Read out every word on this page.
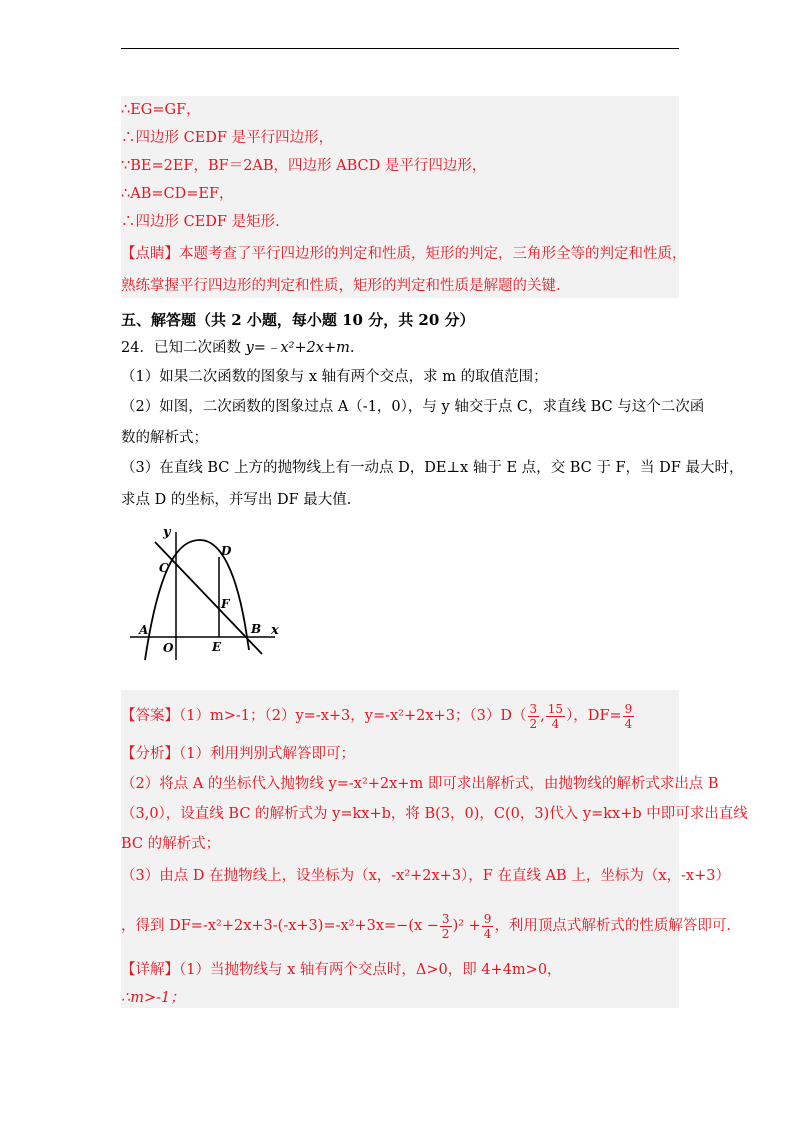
∴EG=GF，
∴四边形 CEDF 是平行四边形，
∵BE=2EF，BF＝2AB，四边形 ABCD 是平行四边形，
∴AB=CD=EF，
∴四边形 CEDF 是矩形.
【点睛】本题考查了平行四边形的判定和性质，矩形的判定，三角形全等的判定和性质，
熟练掌握平行四边形的判定和性质，矩形的判定和性质是解题的关键.
五、解答题（共 2 小题，每小题 10 分，共 20 分）
24．已知二次函数 y=﹣x²+2x+m.
（1）如果二次函数的图象与 x 轴有两个交点，求 m 的取值范围；
（2）如图，二次函数的图象过点 A（-1，0），与 y 轴交于点 C，求直线 BC 与这个二次函
数的解析式；
（3）在直线 BC 上方的抛物线上有一动点 D，DE⊥x 轴于 E 点，交 BC 于 F，当 DF 最大时，
求点 D 的坐标，并写出 DF 最大值.
y
x
C
D
F
A
O	E
B
【答案】（1）m>-1；（2）y=-x+3，y=-x²+2x+3；$(3)D( \frac{3}{2}$ , $\frac{15}{4}$ ），$DF= \frac{9}{4}$
【分析】（1）利用判别式解答即可；
（2）将点 A 的坐标代入抛物线 y=-x²+2x+m 即可求出解析式，由抛物线的解析式求出点 B
（3,0），设直线 BC 的解析式为 y=kx+b，将 B(3，0)，C(0，3)代入 y=kx+b 中即可求出直线
BC 的解析式；
（3）由点 D 在抛物线上，设坐标为（x，-x²+2x+3），F 在直线 AB 上，坐标为（x，-x+3）
，得到 $DF=-x^2+2x+3-(-x+3)=-x^2+3x=-(x - \frac{3}{2} )^2 + \frac{9}{4}$ ，利用顶点式解析式的性质解答即可.
【详解】（1）当抛物线与 x 轴有两个交点时，Δ>0，即 4+4m>0，
∴m>-1；
